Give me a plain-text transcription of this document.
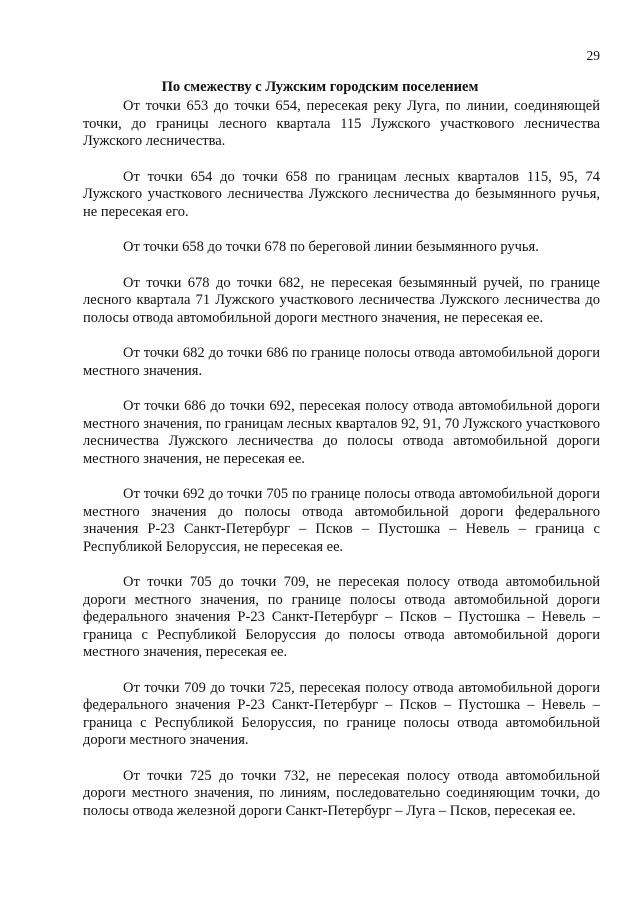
29

По смежеству с Лужским городским поселением

От точки 653 до точки 654, пересекая реку Луга, по линии, соединяющей точки, до границы лесного квартала 115 Лужского участкового лесничества Лужского лесничества.

От точки 654 до точки 658 по границам лесных кварталов 115, 95, 74 Лужского участкового лесничества Лужского лесничества до безымянного ручья, не пересекая его.

От точки 658 до точки 678 по береговой линии безымянного ручья.

От точки 678 до точки 682, не пересекая безымянный ручей, по границе лесного квартала 71 Лужского участкового лесничества Лужского лесничества до полосы отвода автомобильной дороги местного значения, не пересекая ее.

От точки 682 до точки 686 по границе полосы отвода автомобильной дороги местного значения.

От точки 686 до точки 692, пересекая полосу отвода автомобильной дороги местного значения, по границам лесных кварталов 92, 91, 70 Лужского участкового лесничества Лужского лесничества до полосы отвода автомобильной дороги местного значения, не пересекая ее.

От точки 692 до точки 705 по границе полосы отвода автомобильной дороги местного значения до полосы отвода автомобильной дороги федерального значения Р-23 Санкт-Петербург – Псков – Пустошка – Невель – граница с Республикой Белоруссия, не пересекая ее.

От точки 705 до точки 709, не пересекая полосу отвода автомобильной дороги местного значения, по границе полосы отвода автомобильной дороги федерального значения Р-23 Санкт-Петербург – Псков – Пустошка – Невель – граница с Республикой Белоруссия до полосы отвода автомобильной дороги местного значения, пересекая ее.

От точки 709 до точки 725, пересекая полосу отвода автомобильной дороги федерального значения Р-23 Санкт-Петербург – Псков – Пустошка – Невель – граница с Республикой Белоруссия, по границе полосы отвода автомобильной дороги местного значения.

От точки 725 до точки 732, не пересекая полосу отвода автомобильной дороги местного значения, по линиям, последовательно соединяющим точки, до полосы отвода железной дороги Санкт-Петербург – Луга – Псков, пересекая ее.
